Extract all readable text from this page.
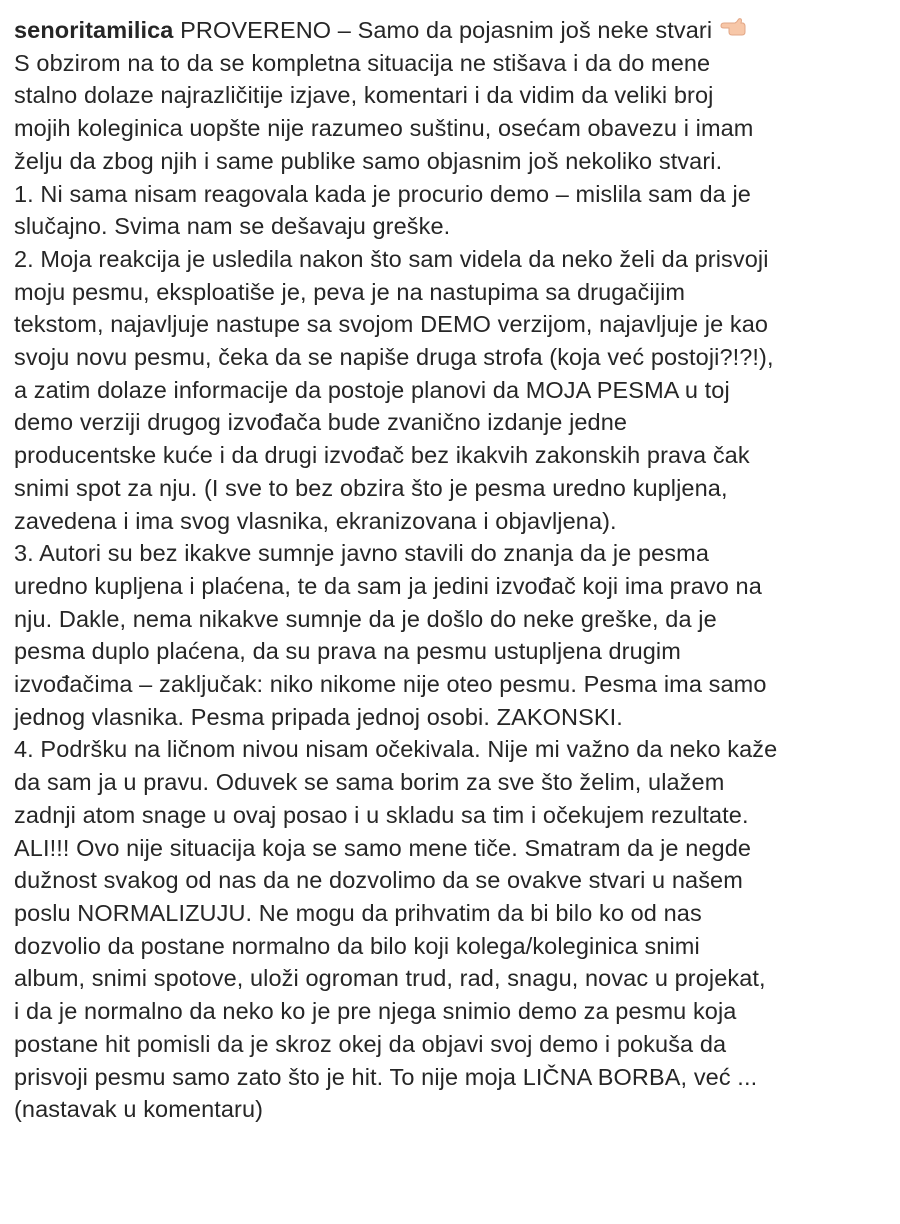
senoritamilica PROVERENO – Samo da pojasnim još neke stvari
S obzirom na to da se kompletna situacija ne stišava i da do mene
stalno dolaze najrazličitije izjave, komentari i da vidim da veliki broj
mojih koleginica uopšte nije razumeo suštinu, osećam obavezu i imam
želju da zbog njih i same publike samo objasnim još nekoliko stvari.
1. Ni sama nisam reagovala kada je procurio demo – mislila sam da je
slučajno. Svima nam se dešavaju greške.
2. Moja reakcija je usledila nakon što sam videla da neko želi da prisvoji
moju pesmu, eksploatiše je, peva je na nastupima sa drugačijim
tekstom, najavljuje nastupe sa svojom DEMO verzijom, najavljuje je kao
svoju novu pesmu, čeka da se napiše druga strofa (koja već postoji?!?!),
a zatim dolaze informacije da postoje planovi da MOJA PESMA u toj
demo verziji drugog izvođača bude zvanično izdanje jedne
producentske kuće i da drugi izvođač bez ikakvih zakonskih prava čak
snimi spot za nju. (I sve to bez obzira što je pesma uredno kupljena,
zavedena i ima svog vlasnika, ekranizovana i objavljena).
3. Autori su bez ikakve sumnje javno stavili do znanja da je pesma
uredno kupljena i plaćena, te da sam ja jedini izvođač koji ima pravo na
nju. Dakle, nema nikakve sumnje da je došlo do neke greške, da je
pesma duplo plaćena, da su prava na pesmu ustupljena drugim
izvođačima – zaključak: niko nikome nije oteo pesmu. Pesma ima samo
jednog vlasnika. Pesma pripada jednoj osobi. ZAKONSKI.
4. Podršku na ličnom nivou nisam očekivala. Nije mi važno da neko kaže
da sam ja u pravu. Oduvek se sama borim za sve što želim, ulažem
zadnji atom snage u ovaj posao i u skladu sa tim i očekujem rezultate.
ALI!!! Ovo nije situacija koja se samo mene tiče. Smatram da je negde
dužnost svakog od nas da ne dozvolimo da se ovakve stvari u našem
poslu NORMALIZUJU. Ne mogu da prihvatim da bi bilo ko od nas
dozvolio da postane normalno da bilo koji kolega/koleginica snimi
album, snimi spotove, uloži ogroman trud, rad, snagu, novac u projekat,
i da je normalno da neko ko je pre njega snimio demo za pesmu koja
postane hit pomisli da je skroz okej da objavi svoj demo i pokuša da
prisvoji pesmu samo zato što je hit. To nije moja LIČNA BORBA, već ...
(nastavak u komentaru)
